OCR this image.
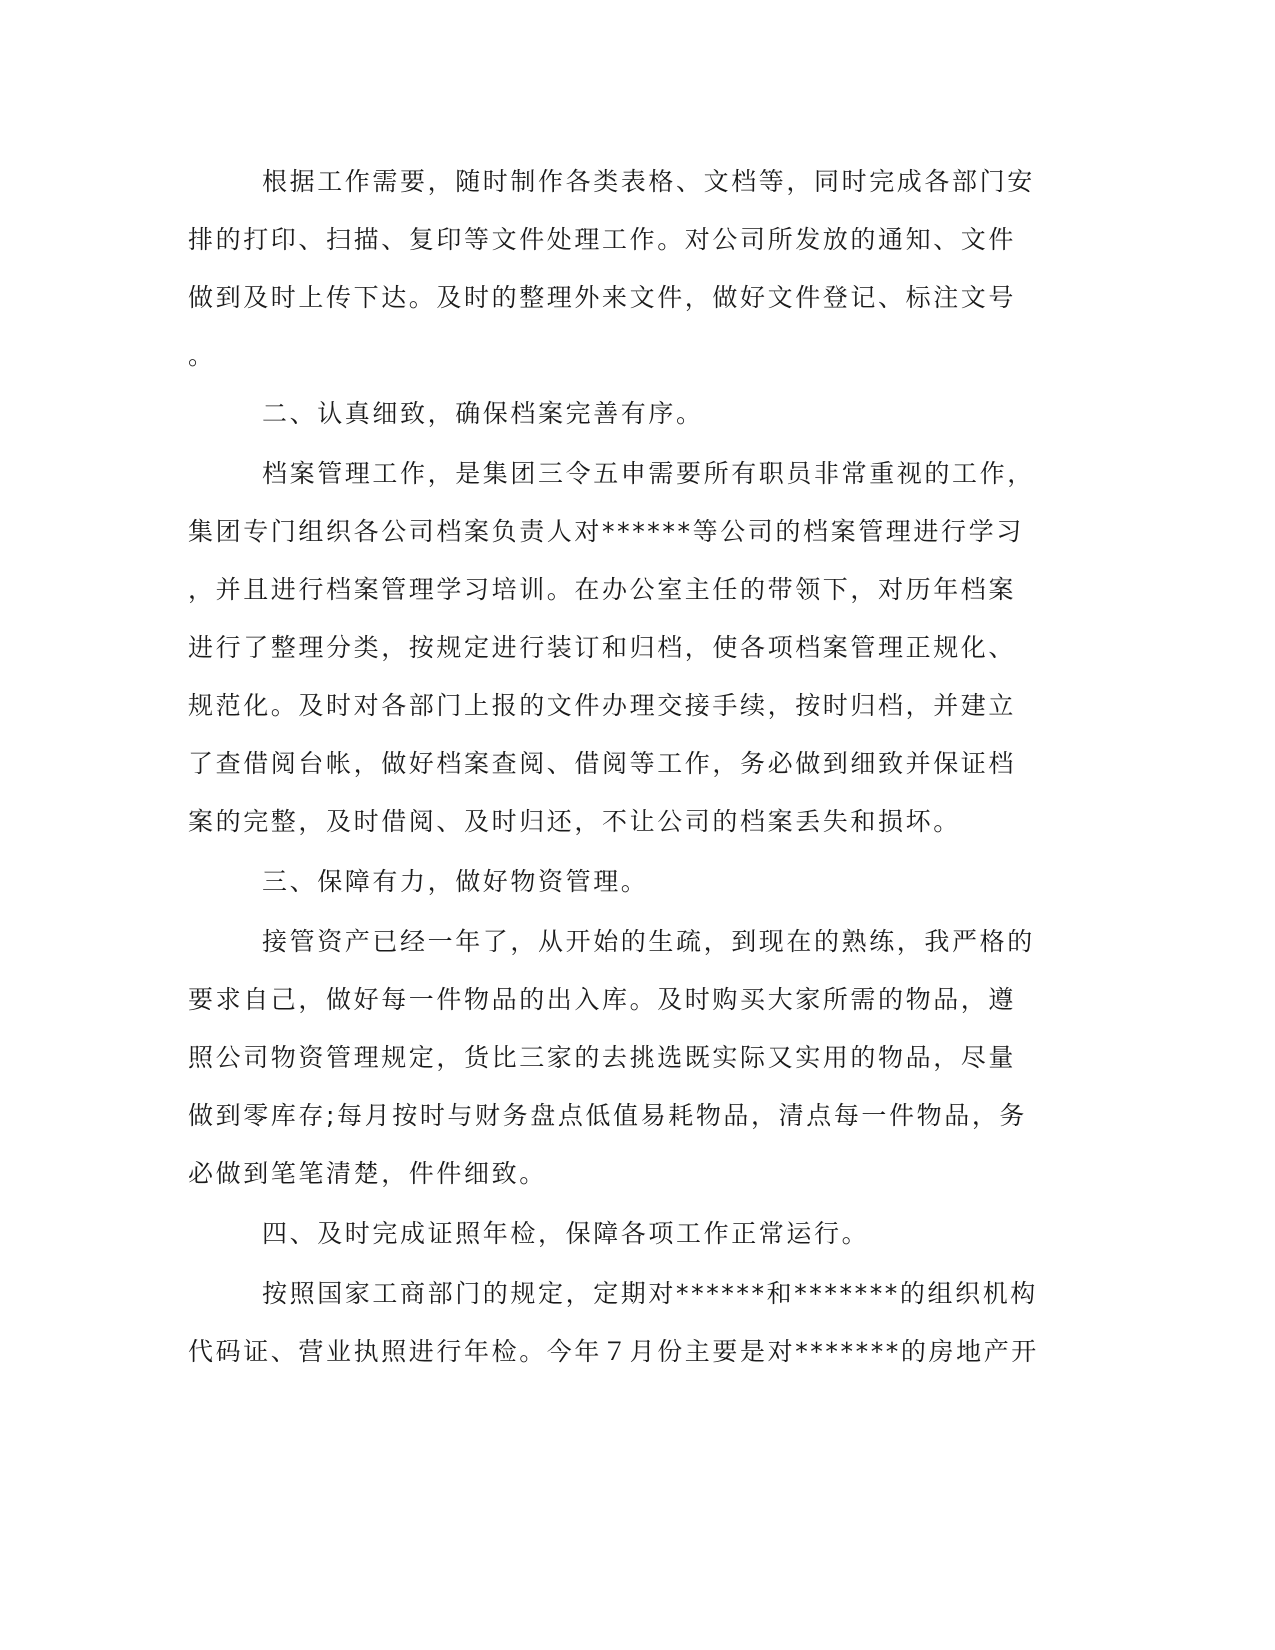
根据工作需要，随时制作各类表格、文档等，同时完成各部门安
排的打印、扫描、复印等文件处理工作。对公司所发放的通知、文件
做到及时上传下达。及时的整理外来文件，做好文件登记、标注文号
。
二、认真细致，确保档案完善有序。
档案管理工作，是集团三令五申需要所有职员非常重视的工作，
集团专门组织各公司档案负责人对******等公司的档案管理进行学习
，并且进行档案管理学习培训。在办公室主任的带领下，对历年档案
进行了整理分类，按规定进行装订和归档，使各项档案管理正规化、
规范化。及时对各部门上报的文件办理交接手续，按时归档，并建立
了查借阅台帐，做好档案查阅、借阅等工作，务必做到细致并保证档
案的完整，及时借阅、及时归还，不让公司的档案丢失和损坏。
三、保障有力，做好物资管理。
接管资产已经一年了，从开始的生疏，到现在的熟练，我严格的
要求自己，做好每一件物品的出入库。及时购买大家所需的物品，遵
照公司物资管理规定，货比三家的去挑选既实际又实用的物品，尽量
做到零库存;每月按时与财务盘点低值易耗物品，清点每一件物品，务
必做到笔笔清楚，件件细致。
四、及时完成证照年检，保障各项工作正常运行。
按照国家工商部门的规定，定期对******和*******的组织机构
代码证、营业执照进行年检。今年７月份主要是对*******的房地产开
